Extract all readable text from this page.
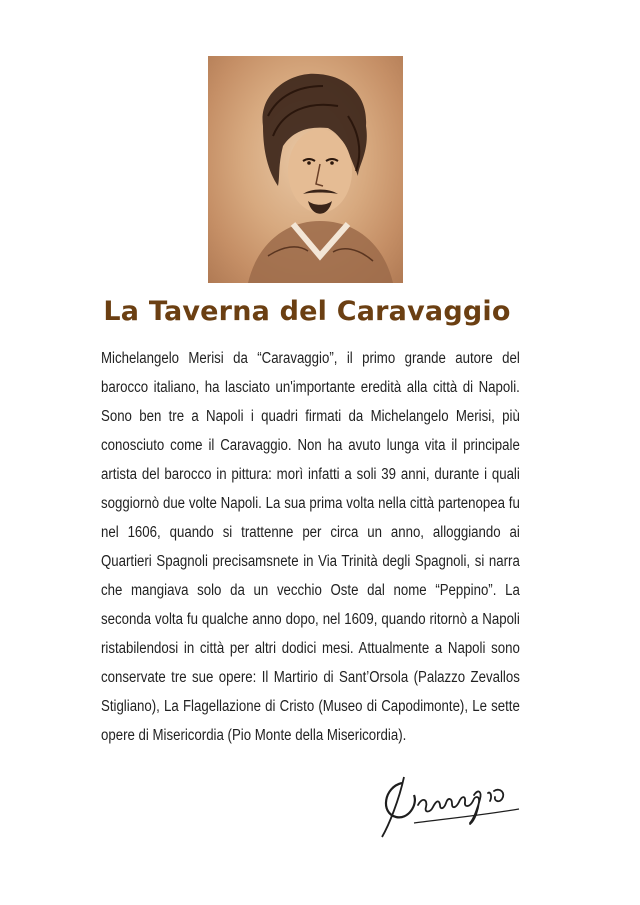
La Taverna del Caravaggio

Michelangelo Merisi da “Caravaggio”, il primo grande autore del barocco italiano, ha lasciato un'importante eredità alla città di Napoli. Sono ben tre a Napoli i quadri firmati da Michelangelo Merisi, più conosciuto come il Caravaggio. Non ha avuto lunga vita il principale artista del barocco in pittura: morì infatti a soli 39 anni, durante i quali soggiornò due volte Napoli. La sua prima volta nella città partenopea fu nel 1606, quando si trattenne per circa un anno, alloggiando ai Quartieri Spagnoli precisamsnete in Via Trinità degli Spagnoli, si narra che mangiava solo da un vecchio Oste dal nome “Peppino”. La seconda volta fu qualche anno dopo, nel 1609, quando ritornò a Napoli ristabilendosi in città per altri dodici mesi. Attualmente a Napoli sono conservate tre sue opere: Il Martirio di Sant’Orsola (Palazzo Zevallos Stigliano), La Flagellazione di Cristo (Museo di Capodimonte), Le sette opere di Misericordia (Pio Monte della Misericordia).
